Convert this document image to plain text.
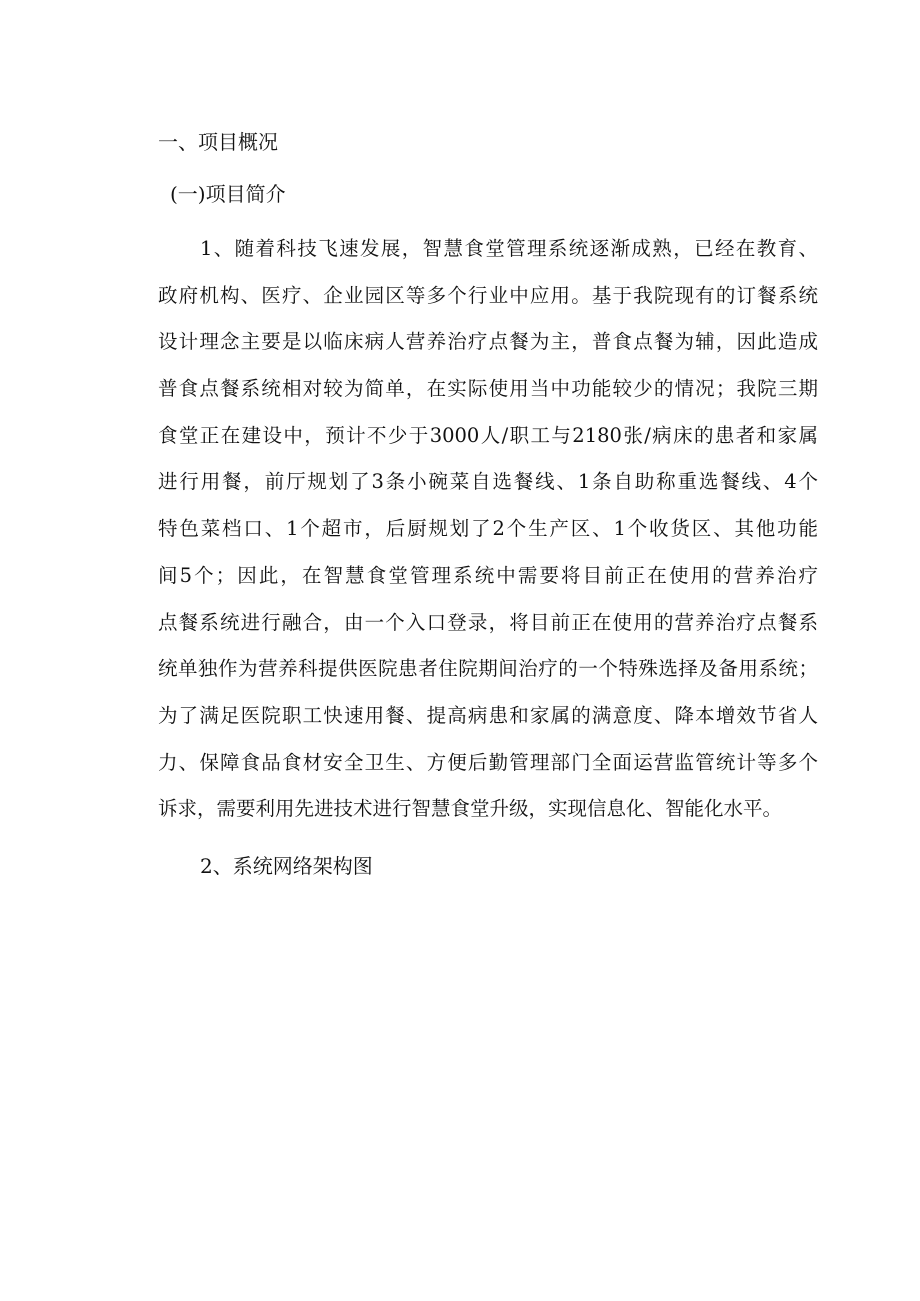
一、项目概况
(一)项目简介
1、随着科技飞速发展，智慧食堂管理系统逐渐成熟，已经在教育、
政府机构、医疗、企业园区等多个行业中应用。基于我院现有的订餐系统
设计理念主要是以临床病人营养治疗点餐为主，普食点餐为辅，因此造成
普食点餐系统相对较为简单，在实际使用当中功能较少的情况；我院三期
食堂正在建设中，预计不少于3000人/职工与2180张/病床的患者和家属
进行用餐，前厅规划了3条小碗菜自选餐线、1条自助称重选餐线、4个
特色菜档口、1个超市，后厨规划了2个生产区、1个收货区、其他功能
间5个；因此，在智慧食堂管理系统中需要将目前正在使用的营养治疗
点餐系统进行融合，由一个入口登录，将目前正在使用的营养治疗点餐系
统单独作为营养科提供医院患者住院期间治疗的一个特殊选择及备用系统；
为了满足医院职工快速用餐、提高病患和家属的满意度、降本增效节省人
力、保障食品食材安全卫生、方便后勤管理部门全面运营监管统计等多个
诉求，需要利用先进技术进行智慧食堂升级，实现信息化、智能化水平。
2、系统网络架构图
